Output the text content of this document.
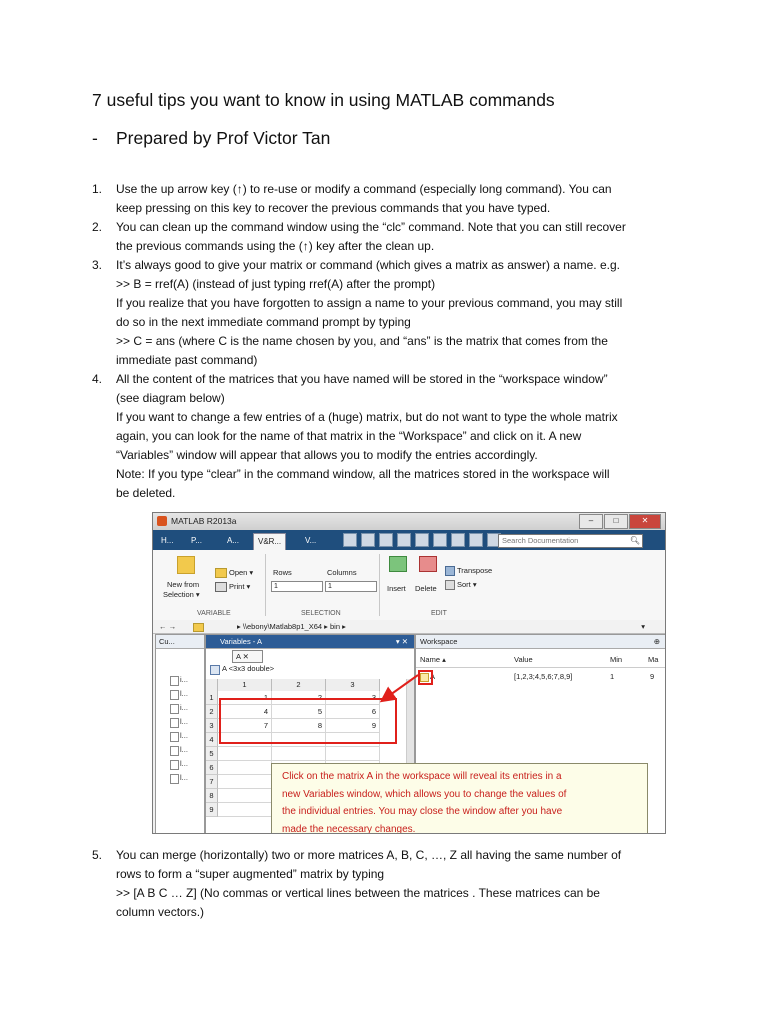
7 useful tips you want to know in using MATLAB commands
- Prepared by Prof Victor Tan
1. Use the up arrow key (↑) to re-use or modify a command (especially long command). You can
keep pressing on this key to recover the previous commands that you have typed.
2. You can clean up the command window using the “clc” command. Note that you can still recover
the previous commands using the (↑) key after the clean up.
3. It’s always good to give your matrix or command (which gives a matrix as answer) a name. e.g.
>> B = rref(A) (instead of just typing rref(A) after the prompt)
If you realize that you have forgotten to assign a name to your previous command, you may still
do so in the next immediate command prompt by typing
>> C = ans (where C is the name chosen by you, and “ans” is the matrix that comes from the
immediate past command)
4. All the content of the matrices that you have named will be stored in the “workspace window”
(see diagram below)
If you want to change a few entries of a (huge) matrix, but do not want to type the whole matrix
again, you can look for the name of that matrix in the “Workspace” and click on it. A new
“Variables” window will appear that allows you to modify the entries accordingly.
Note: If you type “clear” in the command window, all the matrices stored in the workspace will
be deleted.
MATLAB R2013a	–	□	✕
H...	P...	A...	V&R...	V...	Search Documentation	🔍︎
New from
Selection ▾
Open ▾
Print ▾
Rows
1
Columns
1	Insert Delete
Transpose
Sort ▾
VARIABLE	SELECTION	EDIT
← →	▸ \\ebony\Matlab8p1_X64 ▸ bin ▸	▾
Cu...
i...
l...
i...
l...
l...
l...
l...
l...
Variables - A	▾ ✕
A ✕
A <3x3 double>
1	2	3
1	1	2	3
2	4	5	6
3	7	8	9
4
5
6
7
8
9
Workspace	⊕
Name ▴	Value	Min	Ma
A	[1,2,3;4,5,6;7,8,9]	1	9
Click on the matrix A in the workspace will reveal its entries in a
new Variables window, which allows you to change the values of
the individual entries. You may close the window after you have
made the necessary changes.
5. You can merge (horizontally) two or more matrices A, B, C, …, Z all having the same number of
rows to form a “super augmented” matrix by typing
>> [A B C … Z] (No commas or vertical lines between the matrices . These matrices can be
column vectors.)
